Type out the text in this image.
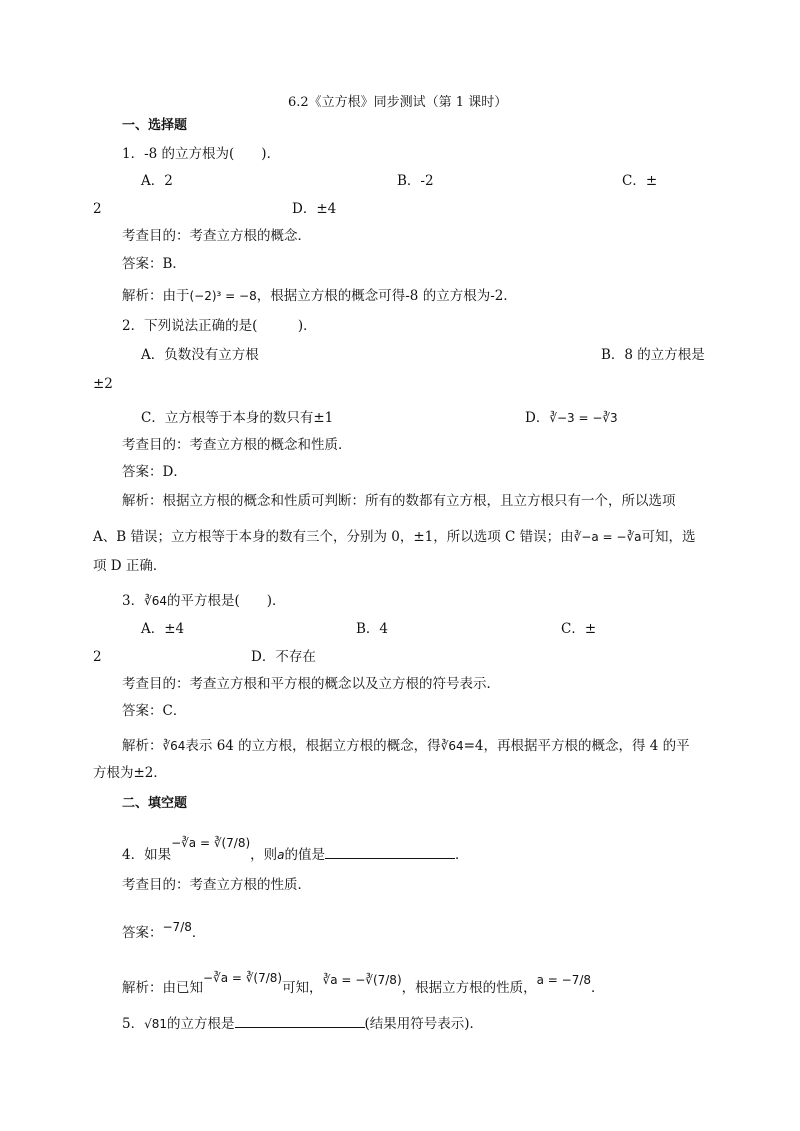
6.2《立方根》同步测试（第 1 课时）
一、选择题
1．-8 的立方根为(　　)．
A．2	B．-2	C．±
2	D．±4
考查目的：考查立方根的概念．
答案：B．
解析：由于(−2)³ = −8，根据立方根的概念可得-8 的立方根为-2．
2．下列说法正确的是(　　　)．
A．负数没有立方根	B．8 的立方根是
±2
C．立方根等于本身的数只有±1	D．∛−3 = −∛3
考查目的：考查立方根的概念和性质．
答案：D．
解析：根据立方根的概念和性质可判断：所有的数都有立方根，且立方根只有一个，所以选项
A、B 错误；立方根等于本身的数有三个，分别为 0，±1，所以选项 C 错误；由∛−a = −∛a可知，选
项 D 正确．
3．∛64的平方根是(　　)．
A．±4	B．4	C．±
2	D．不存在
考查目的：考查立方根和平方根的概念以及立方根的符号表示．
答案：C．
解析：∛64表示 64 的立方根，根据立方根的概念，得∛64=4，再根据平方根的概念，得 4 的平
方根为±2．
二、填空题
4．如果−∛a = ∛(7/8)，则a的值是	．
考查目的：考查立方根的性质．
答案：−7/8．
解析：由已知−∛a = ∛(7/8)可知，∛a = −∛(7/8)，根据立方根的性质，a = −7/8．
5．√81的立方根是	(结果用符号表示)．
